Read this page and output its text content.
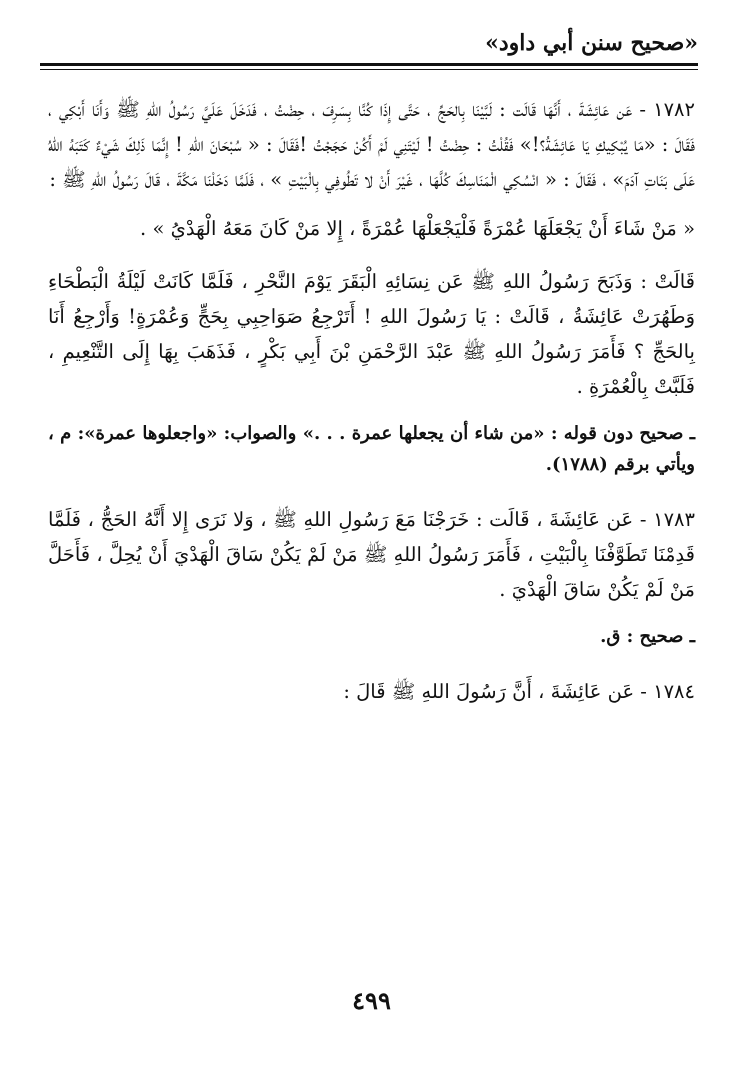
«صحيح سنن أبي داود»

١٧٨٢ - عَن عَائِشَةَ ، أَنَّهَا قَالَت : لَبَّيْنَا بِالحَجِّ ، حَتَّى إِذَا كُنَّا بِسَرِفَ ، حِضْتُ ، فَدَخَلَ عَلَيَّ رَسُولُ اللهِ ﷺ وَأَنَا أَبْكِي ، فَقَالَ : «مَا يُبْكِيكِ يَا عَائِشَةُ؟!» فَقُلْتُ : حِضْتُ ! لَيْتَنِي لَمْ أَكُنْ حَجَجْتُ !فَقَالَ : « سُبْحَانَ اللهِ ! إِنَّمَا ذَلِكَ شَيْءٌ كَتَبَهُ اللهُ عَلَى بَنَاتِ آدَمَ» ، فَقَالَ : « انْسُكِي الْمَنَاسِكَ كُلَّهَا ، غَيْرَ أَنْ لا تَطُوفِي بِالْبَيْتِ » ، فَلَمَّا دَخَلْنَا مَكَّةَ ، قَالَ رَسُولُ اللهِ ﷺ :

« مَنْ شَاءَ أَنْ يَجْعَلَهَا عُمْرَةً فَلْيَجْعَلْهَا عُمْرَةً ، إِلا مَنْ كَانَ مَعَهُ الْهَدْيُ » .

قَالَتْ : وَذَبَحَ رَسُولُ اللهِ ﷺ عَن نِسَائِهِ الْبَقَرَ يَوْمَ النَّحْرِ ، فَلَمَّا كَانَتْ لَيْلَةُ الْبَطْحَاءِ وَطَهُرَتْ عَائِشَةُ ، قَالَتْ : يَا رَسُولَ اللهِ ! أَتَرْجِعُ صَوَاحِبِي بِحَجٍّ وَعُمْرَةٍ! وَأَرْجِعُ أَنَا بِالحَجِّ ؟ فَأَمَرَ رَسُولُ اللهِ ﷺ عَبْدَ الرَّحْمَنِ بْنَ أَبِي بَكْرٍ ، فَذَهَبَ بِهَا إِلَى التَّنْعِيمِ ، فَلَبَّتْ بِالْعُمْرَةِ .

ـ صحيح دون قوله : «من شاء أن يجعلها عمرة . . .» والصواب: «واجعلوها عمرة»: م ، ويأتي برقم (١٧٨٨).

١٧٨٣ - عَن عَائِشَةَ ، قَالَت : خَرَجْنَا مَعَ رَسُولِ اللهِ ﷺ ، وَلا نَرَى إِلا أَنَّهُ الحَجُّ ، فَلَمَّا قَدِمْنَا تَطَوَّفْنَا بِالْبَيْتِ ، فَأَمَرَ رَسُولُ اللهِ ﷺ مَنْ لَمْ يَكُنْ سَاقَ الْهَدْيَ أَنْ يُحِلَّ ، فَأَحَلَّ مَنْ لَمْ يَكُنْ سَاقَ الْهَدْيَ .

ـ صحيح : ق.

١٧٨٤ - عَن عَائِشَةَ ، أَنَّ رَسُولَ اللهِ ﷺ قَالَ :

٤٩٩
